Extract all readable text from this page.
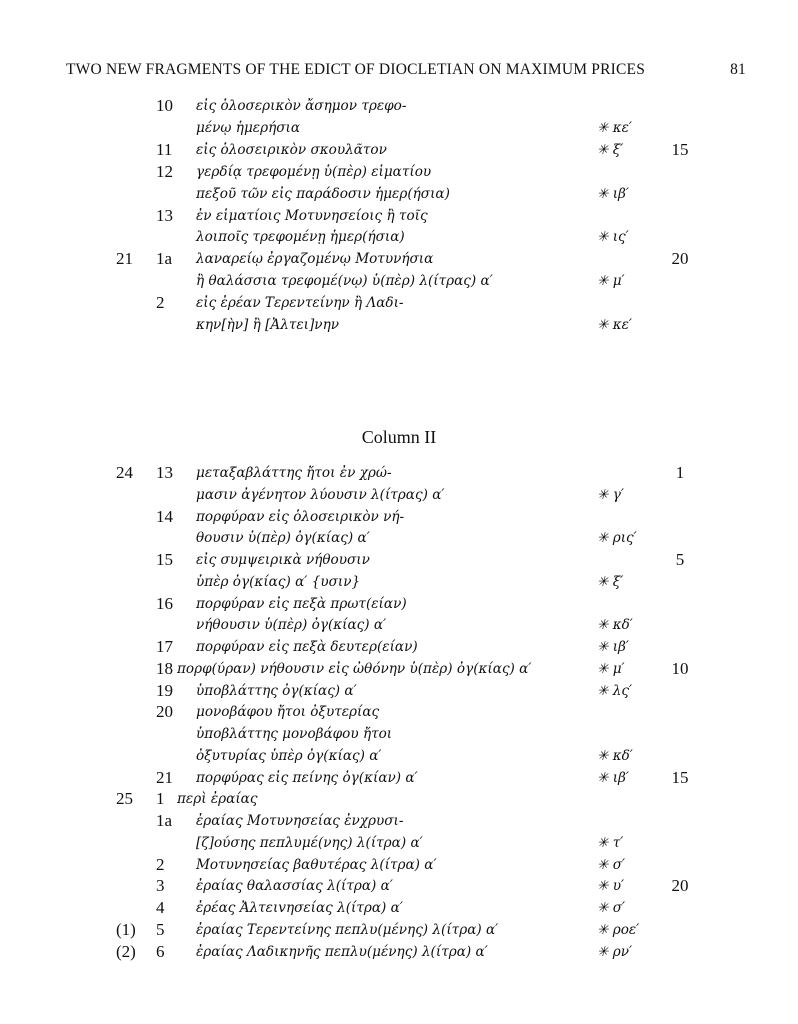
TWO NEW FRAGMENTS OF THE EDICT OF DIOCLETIAN ON MAXIMUM PRICES	81
10 εἰς ὁλοσερικὸν ἄσημον τρεφο-
μένῳ ἡμερήσια	✳ κε′
11 εἰς ὁλοσειρικὸν σκουλᾶτον	✳ ξ′	15
12 γερδίᾳ τρεφομένῃ ὑ(πὲρ) εἱματίου
πεξοῦ τῶν εἰς παράδοσιν ἡμερ(ήσια)	✳ ιβ′
13 ἐν εἱματίοις Μοτυνησείοις ἢ τοῖς
λοιποῖς τρεφομένῃ ἡμερ(ήσια)	✳ ις′
21	1a λαναρείῳ ἐργαζομένῳ Μοτυνήσια	20
ἢ θαλάσσια τρεφομέ(νῳ) ὑ(πὲρ) λ(ίτρας) α′	✳ μ′
2 εἰς ἐρέαν Τερεντείνην ἢ Λαδι-
κην[ὴν] ἢ [Ἀλτει]νην	✳ κε′
Column II
24	13 μεταξαβλάττης ἤτοι ἐν χρώ-	1
μασιν ἀγένητον λύουσιν λ(ίτρας) α′	✳ γ′
14 πορφύραν εἰς ὁλοσειρικὸν νή-
θουσιν ὑ(πὲρ) ὀγ(κίας) α′	✳ ρις′
15 εἰς συμψειρικὰ νήθουσιν	5
ὑπὲρ ὀγ(κίας) α′ {υσιν}	✳ ξ′
16 πορφύραν εἰς πεξὰ πρωτ(είαν)
νήθουσιν ὑ(πὲρ) ὀγ(κίας) α′	✳ κδ′
17 πορφύραν εἰς πεξὰ δευτερ(είαν)	✳ ιβ′
18 πορφ(ύραν) νήθουσιν εἰς ὠθόνην ὑ(πὲρ) ὀγ(κίας) α′	✳ μ′	10
19 ὑποβλάττης ὀγ(κίας) α′	✳ λς′
20 μονοβάφου ἤτοι ὀξυτερίας
ὑποβλάττης μονοβάφου ἤτοι
ὀξυτυρίας ὑπὲρ ὀγ(κίας) α′	✳ κδ′
21 πορφύρας εἰς πείνης ὀγ(κίαν) α′	✳ ιβ′	15
25	1 περὶ ἐραίας
1a ἐραίας Μοτυνησείας ἐνχρυσι-
[ζ]ούσης πεπλυμέ(νης) λ(ίτρα) α′	✳ τ′
2 Μοτυνησείας βαθυτέρας λ(ίτρα) α′	✳ σ′
3 ἐραίας θαλασσίας λ(ίτρα) α′	✳ υ′	20
4 ἐρέας Ἀλτειvησείας λ(ίτρα) α′	✳ σ′
(1) 5 ἐραίας Τερεντείνης πεπλυ(μένης) λ(ίτρα) α′	✳ ροε′
(2) 6 ἐραίας Λαδικηνῆς πεπλυ(μένης) λ(ίτρα) α′	✳ ρν′
